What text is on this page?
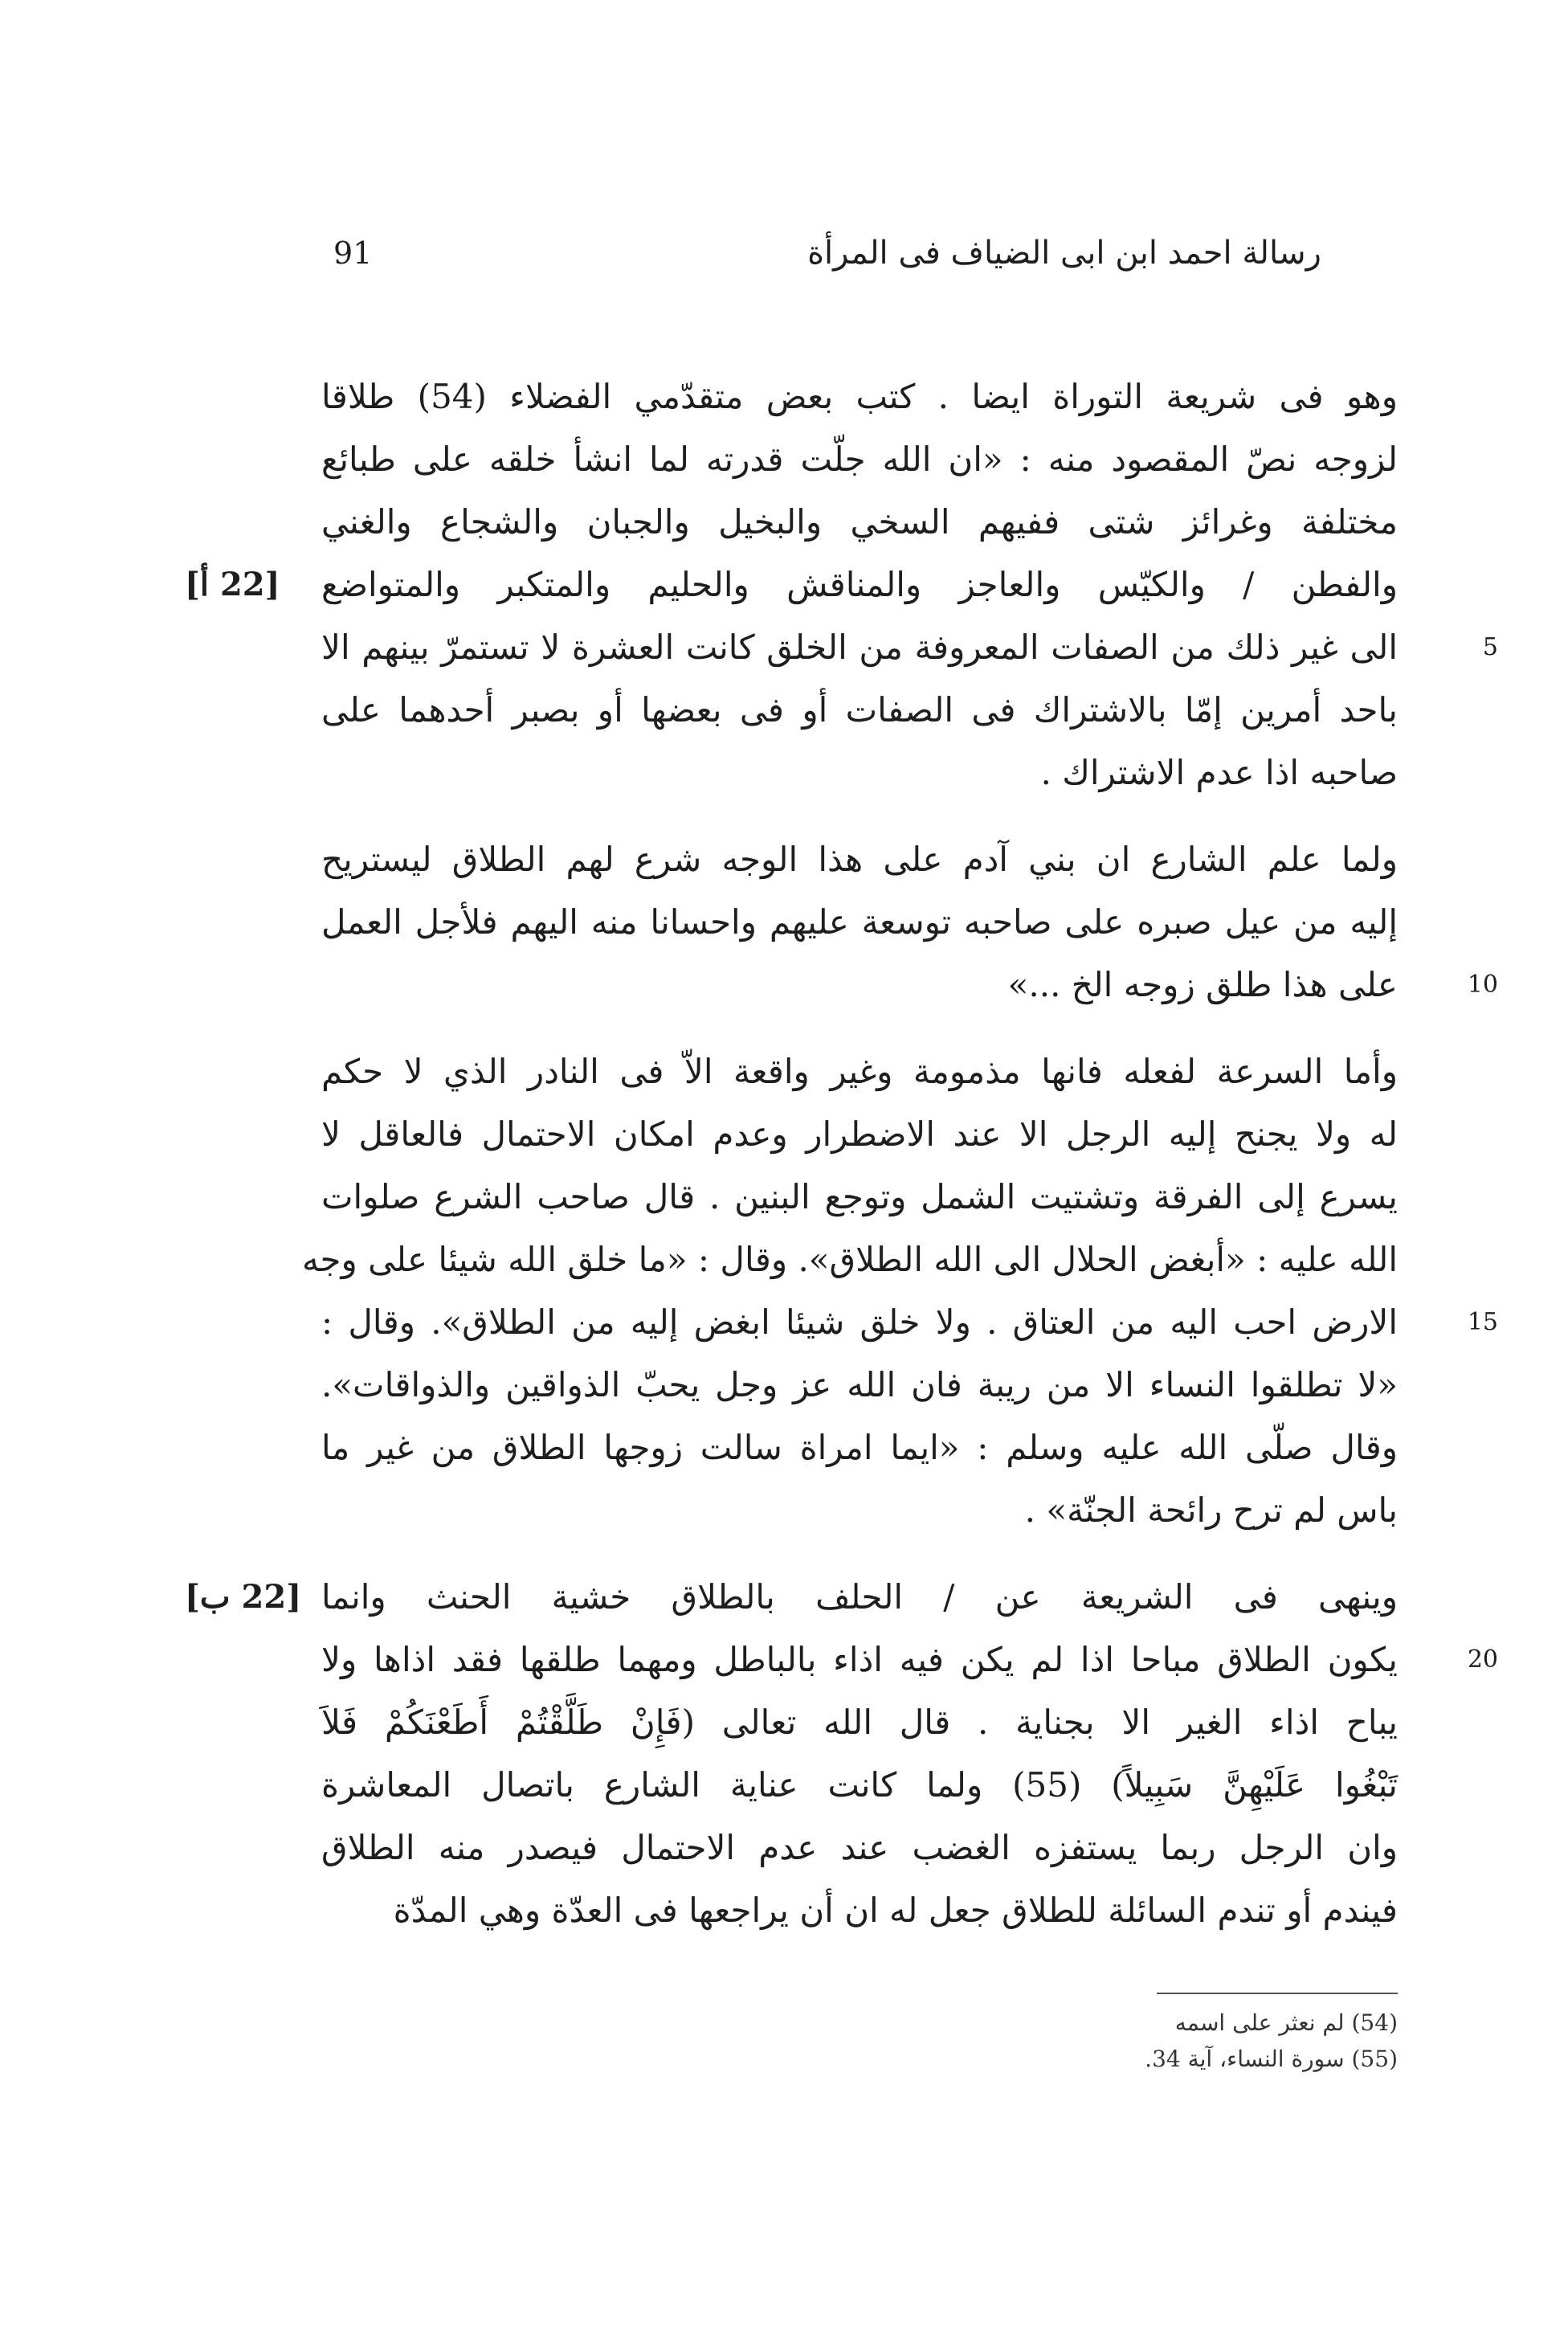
91	رسالة احمد ابن ابى الضياف فى المرأة
وهو فى شريعة التوراة ايضا . كتب بعض متقدّمي الفضلاء (54) طلاقا
لزوجه نصّ المقصود منه : «ان الله جلّت قدرته لما انشأ خلقه على طبائع
مختلفة وغرائز شتى ففيهم السخي والبخيل والجبان والشجاع والغني
والفطن / والكيّس والعاجز والمناقش والحليم والمتكبر والمتواضع
[22 أ]
الى غير ذلك من الصفات المعروفة من الخلق كانت العشرة لا تستمرّ بينهم الا	5
باحد أمرين إمّا بالاشتراك فى الصفات أو فى بعضها أو بصبر أحدهما على
صاحبه اذا عدم الاشتراك .
ولما علم الشارع ان بني آدم على هذا الوجه شرع لهم الطلاق ليستريح
إليه من عيل صبره على صاحبه توسعة عليهم واحسانا منه اليهم فلأجل العمل
على هذا طلق زوجه الخ ...»	10
وأما السرعة لفعله فانها مذمومة وغير واقعة الاّ فى النادر الذي لا حكم
له ولا يجنح إليه الرجل الا عند الاضطرار وعدم امكان الاحتمال فالعاقل لا
يسرع إلى الفرقة وتشتيت الشمل وتوجع البنين . قال صاحب الشرع صلوات
الله عليه : «أبغض الحلال الى الله الطلاق». وقال : «ما خلق الله شيئا على وجه
الارض احب اليه من العتاق . ولا خلق شيئا ابغض إليه من الطلاق». وقال :	15
«لا تطلقوا النساء الا من ريبة فان الله عز وجل يحبّ الذواقين والذواقات».
وقال صلّى الله عليه وسلم : «ايما امراة سالت زوجها الطلاق من غير ما
باس لم ترح رائحة الجنّة» .
وينهى فى الشريعة عن / الحلف بالطلاق خشية الحنث وانما
[22 ب]
يكون الطلاق مباحا اذا لم يكن فيه اذاء بالباطل ومهما طلقها فقد اذاها ولا	20
يباح اذاء الغير الا بجناية . قال الله تعالى (فَإِنْ طَلَّقْتُمْ أَطَعْنَكُمْ فَلاَ
تَبْغُوا عَلَيْهِنَّ سَبِيلاً) (55) ولما كانت عناية الشارع باتصال المعاشرة
وان الرجل ربما يستفزه الغضب عند عدم الاحتمال فيصدر منه الطلاق
فيندم أو تندم السائلة للطلاق جعل له ان أن يراجعها فى العدّة وهي المدّة
(54) لم نعثر على اسمه
(55) سورة النساء، آية 34.
